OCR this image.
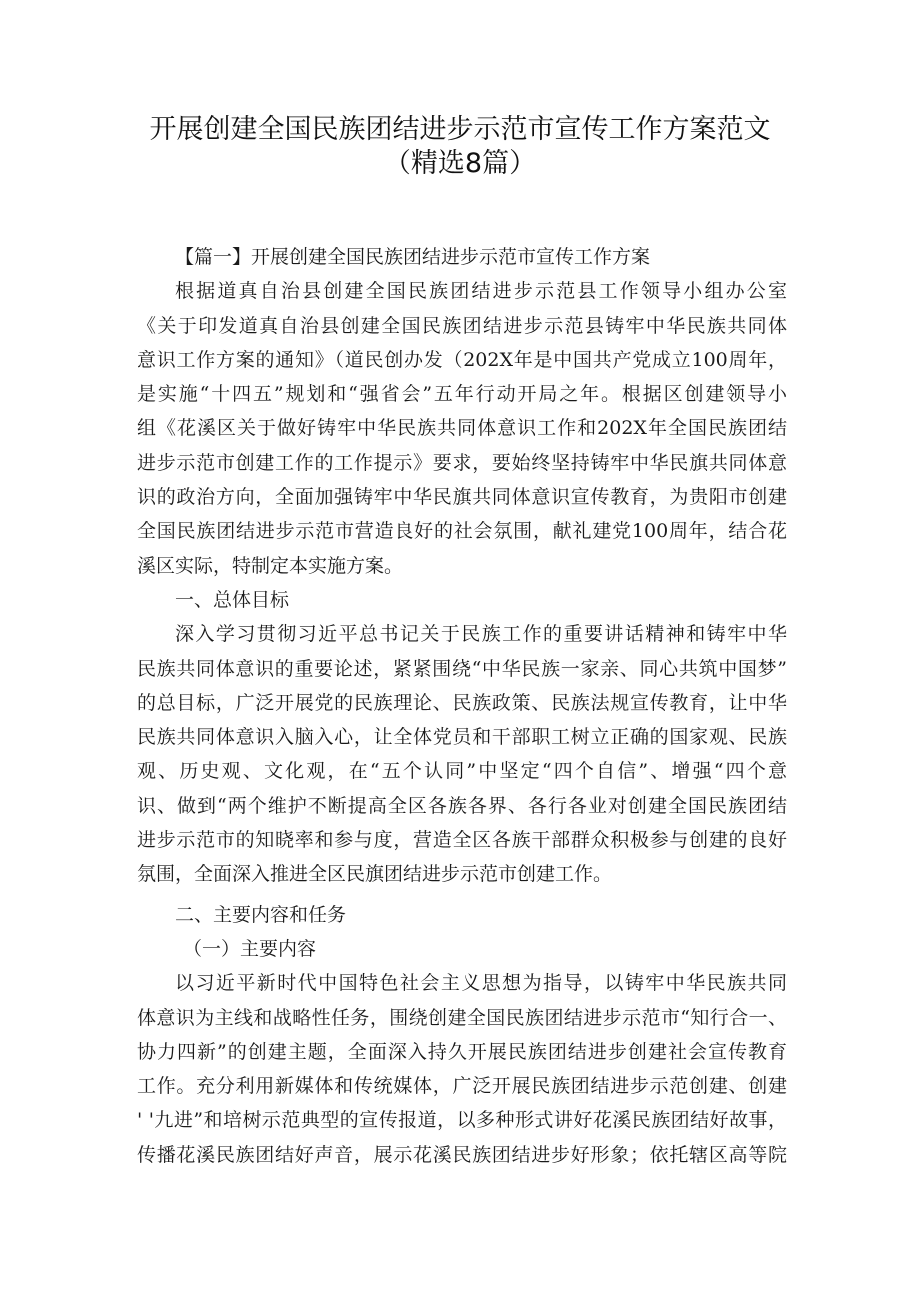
开展创建全国民族团结进步示范市宣传工作方案范文
（精选8篇）
【篇一】开展创建全国民族团结进步示范市宣传工作方案
根据道真自治县创建全国民族团结进步示范县工作领导小组办公室
《关于印发道真自治县创建全国民族团结进步示范县铸牢中华民族共同体
意识工作方案的通知》（道民创办发（202X年是中国共产党成立100周年，
是实施“十四五”规划和“强省会”五年行动开局之年。根据区创建领导小
组《花溪区关于做好铸牢中华民族共同体意识工作和202X年全国民族团结
进步示范市创建工作的工作提示》要求，要始终坚持铸牢中华民旗共同体意
识的政治方向，全面加强铸牢中华民旗共同体意识宣传教育，为贵阳市创建
全国民族团结进步示范市营造良好的社会氛围，献礼建党100周年，结合花
溪区实际，特制定本实施方案。
一、总体目标
深入学习贯彻习近平总书记关于民族工作的重要讲话精神和铸牢中华
民族共同体意识的重要论述，紧紧围绕“中华民族一家亲、同心共筑中国梦”
的总目标，广泛开展党的民族理论、民族政策、民族法规宣传教育，让中华
民族共同体意识入脑入心，让全体党员和干部职工树立正确的国家观、民族
观、历史观、文化观，在“五个认同”中坚定“四个自信”、增强“四个意
识、做到“两个维护不断提高全区各族各界、各行各业对创建全国民族团结
进步示范市的知晓率和参与度，营造全区各族干部群众积极参与创建的良好
氛围，全面深入推进全区民旗团结进步示范市创建工作。
二、主要内容和任务
（一）主要内容
以习近平新时代中国特色社会主义思想为指导，以铸牢中华民族共同
体意识为主线和战略性任务，围绕创建全国民族团结进步示范市“知行合一、
协力四新”的创建主题，全面深入持久开展民族团结进步创建社会宣传教育
工作。充分利用新媒体和传统媒体，广泛开展民族团结进步示范创建、创建
' '九进”和培树示范典型的宣传报道，以多种形式讲好花溪民族团结好故事，
传播花溪民族团结好声音，展示花溪民族团结进步好形象；依托辖区高等院
